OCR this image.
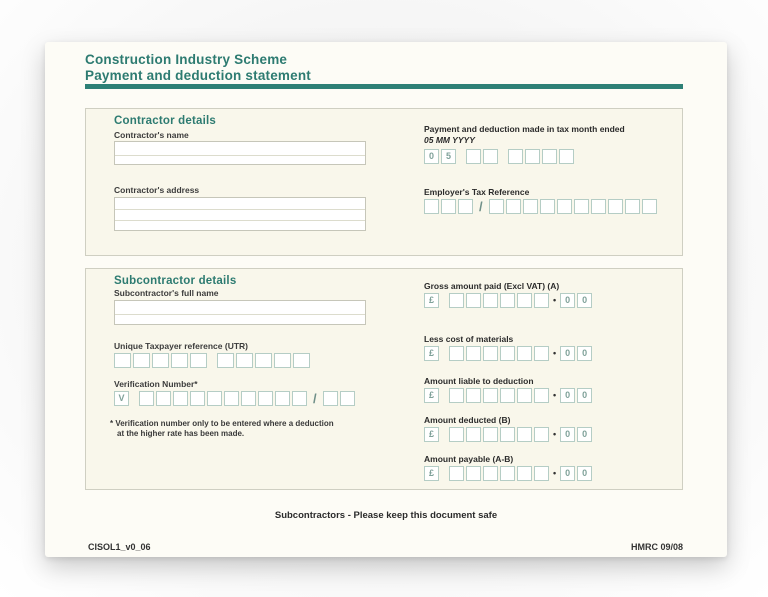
Construction Industry Scheme
Payment and deduction statement
Contractor details
Contractor's name
Contractor's address
Payment and deduction made in tax month ended
05 MM YYYY
0	5
Employer's Tax Reference
/
Subcontractor details
Subcontractor's full name
Unique Taxpayer reference (UTR)
Verification Number*
V	/
* Verification number only to be entered where a deduction
at the higher rate has been made.
Gross amount paid (Excl VAT) (A)
£	• 0	0
Less cost of materials
£	• 0	0
Amount liable to deduction
£	• 0	0
Amount deducted (B)
£	• 0	0
Amount payable (A-B)
£	• 0	0
Subcontractors - Please keep this document safe
CISOL1_v0_06	HMRC 09/08
